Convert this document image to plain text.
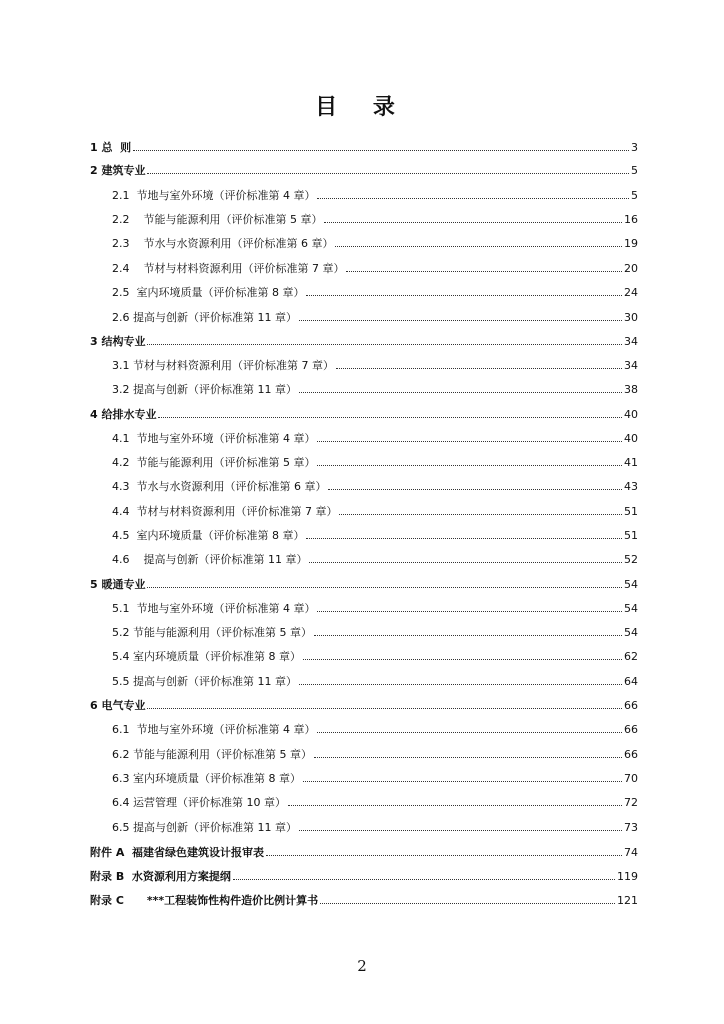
目 录
1 总  则	3
2 建筑专业	5
2.1  节地与室外环境（评价标准第 4 章）	5
2.2    节能与能源利用（评价标准第 5 章）	16
2.3    节水与水资源利用（评价标准第 6 章）	19
2.4    节材与材料资源利用（评价标准第 7 章）	20
2.5  室内环境质量（评价标准第 8 章）	24
2.6 提高与创新（评价标准第 11 章）	30
3 结构专业	34
3.1 节材与材料资源利用（评价标准第 7 章）	34
3.2 提高与创新（评价标准第 11 章）	38
4 给排水专业	40
4.1  节地与室外环境（评价标准第 4 章）	40
4.2  节能与能源利用（评价标准第 5 章）	41
4.3  节水与水资源利用（评价标准第 6 章）	43
4.4  节材与材料资源利用（评价标准第 7 章）	51
4.5  室内环境质量（评价标准第 8 章）	51
4.6    提高与创新（评价标准第 11 章）	52
5 暖通专业	54
5.1  节地与室外环境（评价标准第 4 章）	54
5.2 节能与能源利用（评价标准第 5 章）	54
5.4 室内环境质量（评价标准第 8 章）	62
5.5 提高与创新（评价标准第 11 章）	64
6 电气专业	66
6.1  节地与室外环境（评价标准第 4 章）	66
6.2 节能与能源利用（评价标准第 5 章）	66
6.3 室内环境质量（评价标准第 8 章）	70
6.4 运营管理（评价标准第 10 章）	72
6.5 提高与创新（评价标准第 11 章）	73
附件 A  福建省绿色建筑设计报审表	74
附录 B  水资源利用方案提纲	119
附录 C      ***工程装饰性构件造价比例计算书	121
2
